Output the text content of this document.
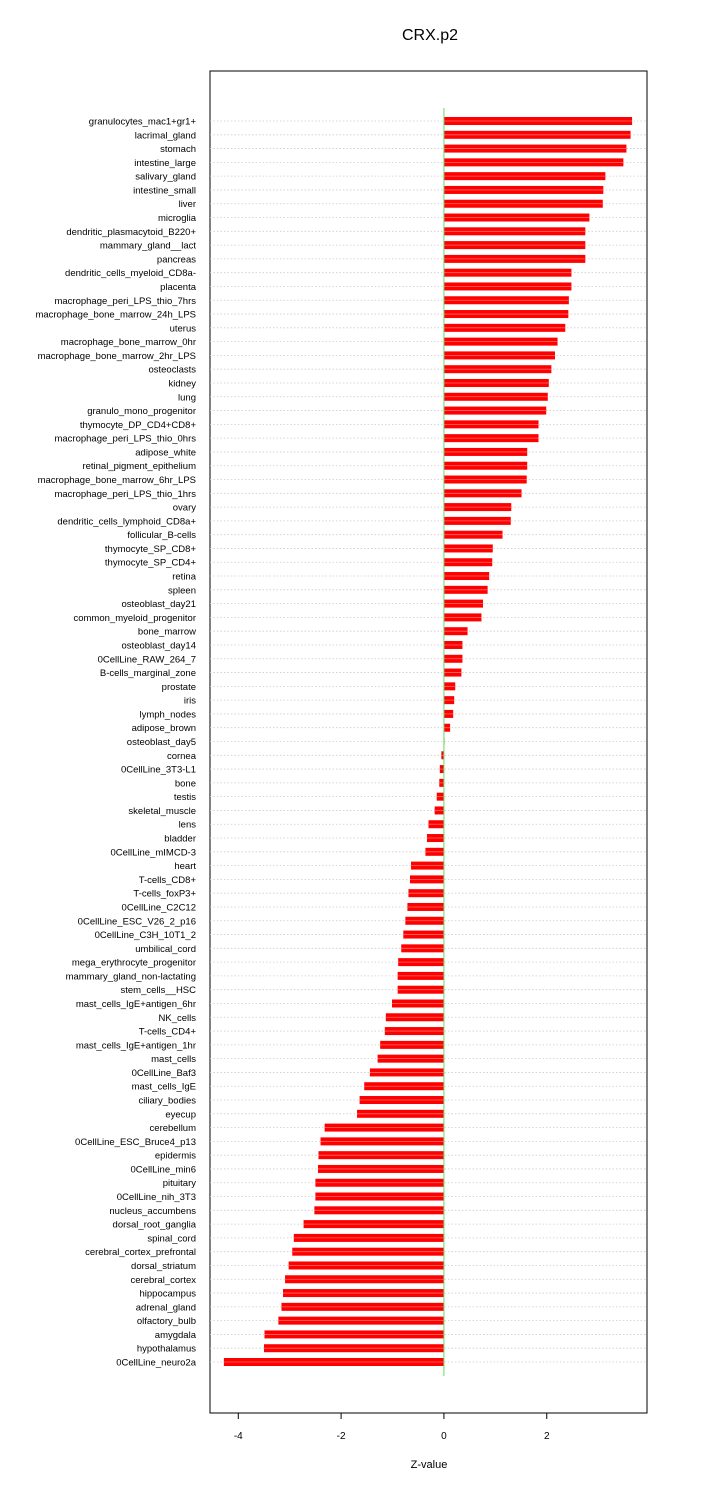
CRX.p2
granulocytes_mac1+gr1+
lacrimal_gland
stomach
intestine_large
salivary_gland
intestine_small
liver
microglia
dendritic_plasmacytoid_B220+
mammary_gland__lact
pancreas
dendritic_cells_myeloid_CD8a-
placenta
macrophage_peri_LPS_thio_7hrs
macrophage_bone_marrow_24h_LPS
uterus
macrophage_bone_marrow_0hr
macrophage_bone_marrow_2hr_LPS
osteoclasts
kidney
lung
granulo_mono_progenitor
thymocyte_DP_CD4+CD8+
macrophage_peri_LPS_thio_0hrs
adipose_white
retinal_pigment_epithelium
macrophage_bone_marrow_6hr_LPS
macrophage_peri_LPS_thio_1hrs
ovary
dendritic_cells_lymphoid_CD8a+
follicular_B-cells
thymocyte_SP_CD8+
thymocyte_SP_CD4+
retina
spleen
osteoblast_day21
common_myeloid_progenitor
bone_marrow
osteoblast_day14
0CellLine_RAW_264_7
B-cells_marginal_zone
prostate
iris
lymph_nodes
adipose_brown
osteoblast_day5
cornea
0CellLine_3T3-L1
bone
testis
skeletal_muscle
lens
bladder
0CellLine_mIMCD-3
heart
T-cells_CD8+
T-cells_foxP3+
0CellLine_C2C12
0CellLine_ESC_V26_2_p16
0CellLine_C3H_10T1_2
umbilical_cord
mega_erythrocyte_progenitor
mammary_gland_non-lactating
stem_cells__HSC
mast_cells_IgE+antigen_6hr
NK_cells
T-cells_CD4+
mast_cells_IgE+antigen_1hr
mast_cells
0CellLine_Baf3
mast_cells_IgE
ciliary_bodies
eyecup
cerebellum
0CellLine_ESC_Bruce4_p13
epidermis
0CellLine_min6
pituitary
0CellLine_nih_3T3
nucleus_accumbens
dorsal_root_ganglia
spinal_cord
cerebral_cortex_prefrontal
dorsal_striatum
cerebral_cortex
hippocampus
adrenal_gland
olfactory_bulb
amygdala
hypothalamus
0CellLine_neuro2a
-4	-2	0	2
Z-value
